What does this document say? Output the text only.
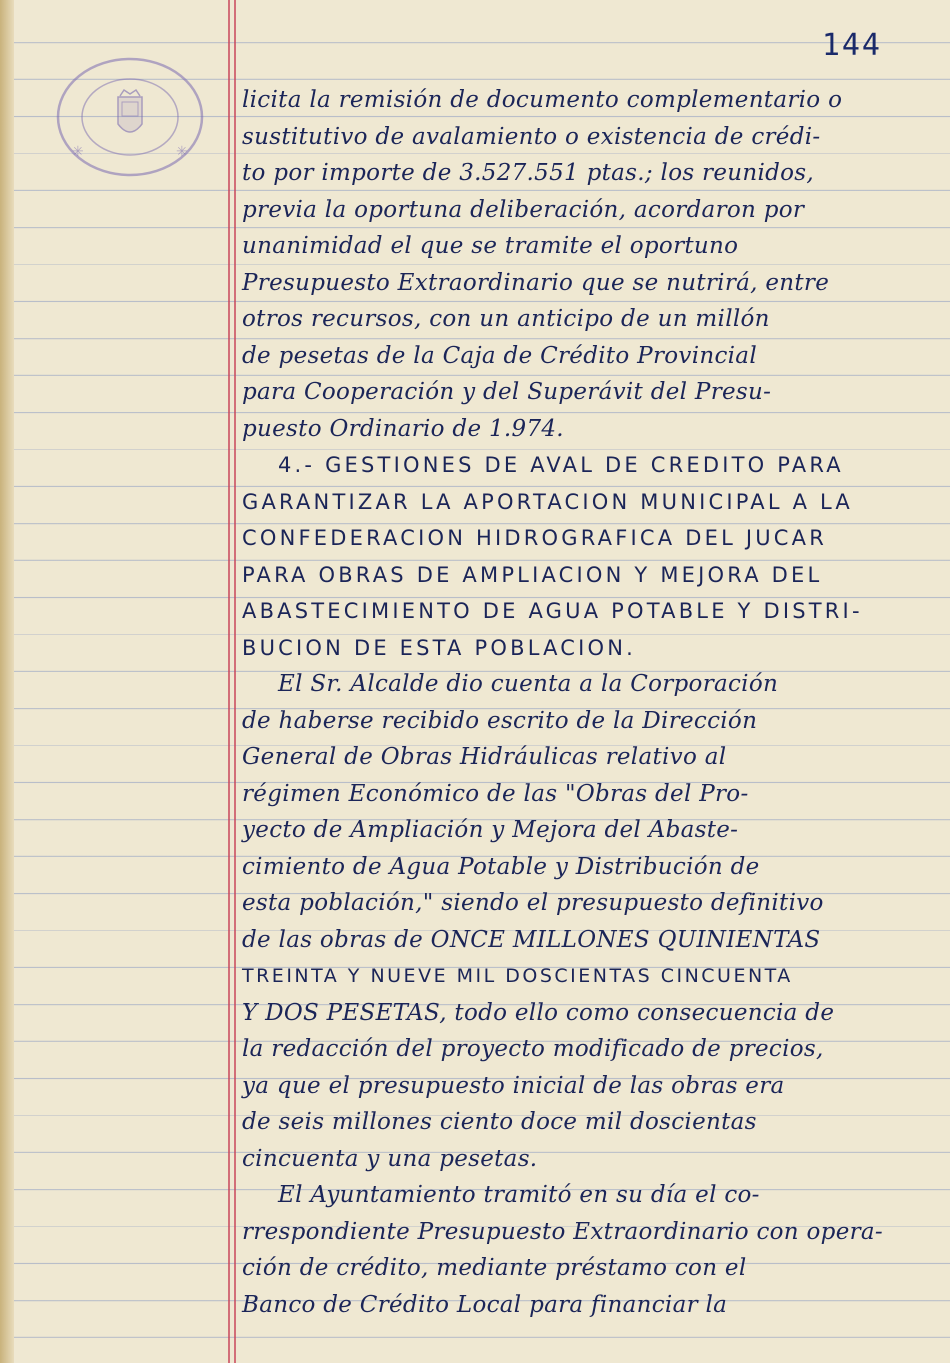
✳	✳
144
licita la remisión de documento complementario o
sustitutivo de avalamiento o existencia de crédi-
to por importe de 3.527.551 ptas.; los reunidos,
previa la oportuna deliberación, acordaron por
unanimidad el que se tramite el oportuno
Presupuesto Extraordinario que se nutrirá, entre
otros recursos, con un anticipo de un millón
de pesetas de la Caja de Crédito Provincial
para Cooperación y del Superávit del Presu-
puesto Ordinario de 1.974.
4.- GESTIONES DE AVAL DE CREDITO PARA
GARANTIZAR LA APORTACION MUNICIPAL A LA
CONFEDERACION HIDROGRAFICA DEL JUCAR
PARA OBRAS DE AMPLIACION Y MEJORA DEL
ABASTECIMIENTO DE AGUA POTABLE Y DISTRI-
BUCION DE ESTA POBLACION.
El Sr. Alcalde dio cuenta a la Corporación
de haberse recibido escrito de la Dirección
General de Obras Hidráulicas relativo al
régimen Económico de las "Obras del Pro-
yecto de Ampliación y Mejora del Abaste-
cimiento de Agua Potable y Distribución de
esta población," siendo el presupuesto definitivo
de las obras de ONCE MILLONES QUINIENTAS
TREINTA Y NUEVE MIL DOSCIENTAS CINCUENTA
Y DOS PESETAS, todo ello como consecuencia de
la redacción del proyecto modificado de precios,
ya que el presupuesto inicial de las obras era
de seis millones ciento doce mil doscientas
cincuenta y una pesetas.
El Ayuntamiento tramitó en su día el co-
rrespondiente Presupuesto Extraordinario con opera-
ción de crédito, mediante préstamo con el
Banco de Crédito Local para financiar la
